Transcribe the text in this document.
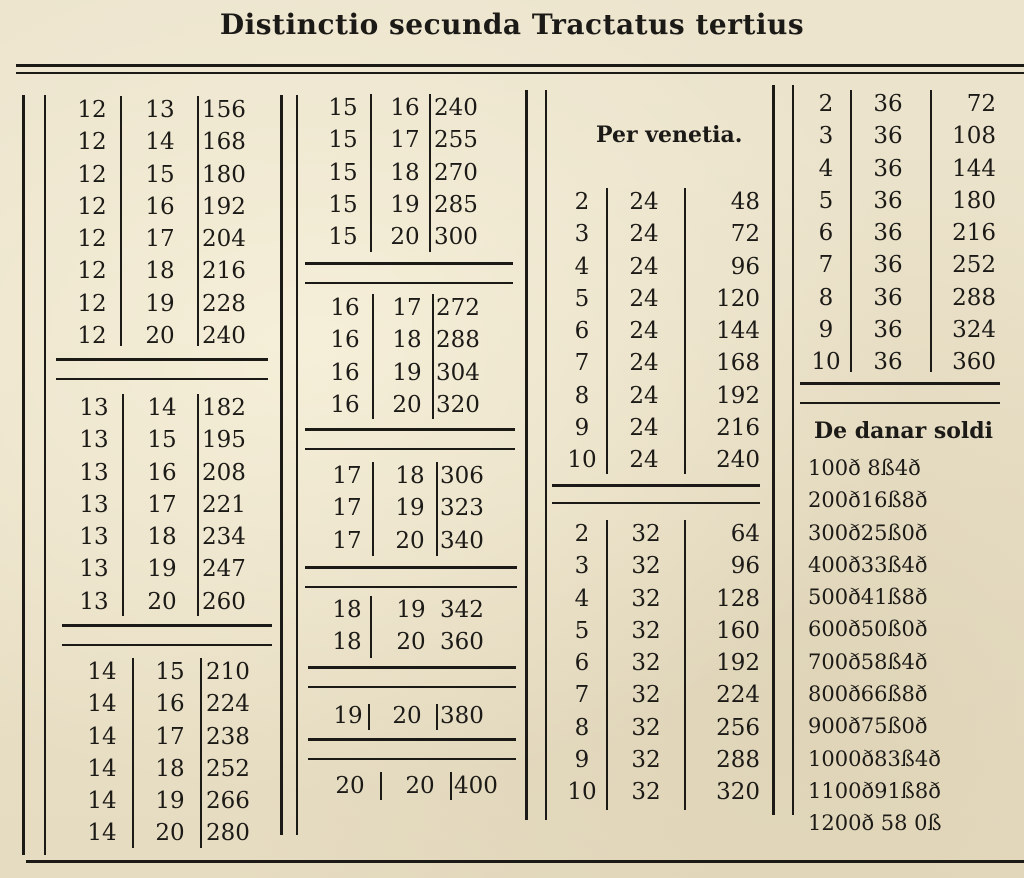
Distinctio secunda Tractatus tertius
12
12
12
12
12
12
12
12
13
14
15
16
17
18
19
20
156
168
180
192
204
216
228
240
13
13
13
13
13
13
13
14
15
16
17
18
19
20
182
195
208
221
234
247
260
14
14
14
14
14
14
15
16
17
18
19
20
210
224
238
252
266
280
15
15
15
15
15
16
17
18
19
20
240
255
270
285
300
16
16
16
16
17
18
19
20
272
288
304
320
17
17
17
18
19
20
306
323
340
18
18
19
20
342
360
19	20 380
20	20 400
Per venetia.
2
3
4
5
6
7
8
9
10
24
24
24
24
24
24
24
24
24
48
72
96
120
144
168
192
216
240
2
3
4
5
6
7
8
9
10
32
32
32
32
32
32
32
32
32
64
96
128
160
192
224
256
288
320
2
3
4
5
6
7
8
9
10
36
36
36
36
36
36
36
36
36
72
108
144
180
216
252
288
324
360
De danar soldi
100ð 8ß4ð
200ð16ß8ð
300ð25ß0ð
400ð33ß4ð
500ð41ß8ð
600ð50ß0ð
700ð58ß4ð
800ð66ß8ð
900ð75ß0ð
1000ð83ß4ð
1100ð91ß8ð
1200ð 58 0ß
